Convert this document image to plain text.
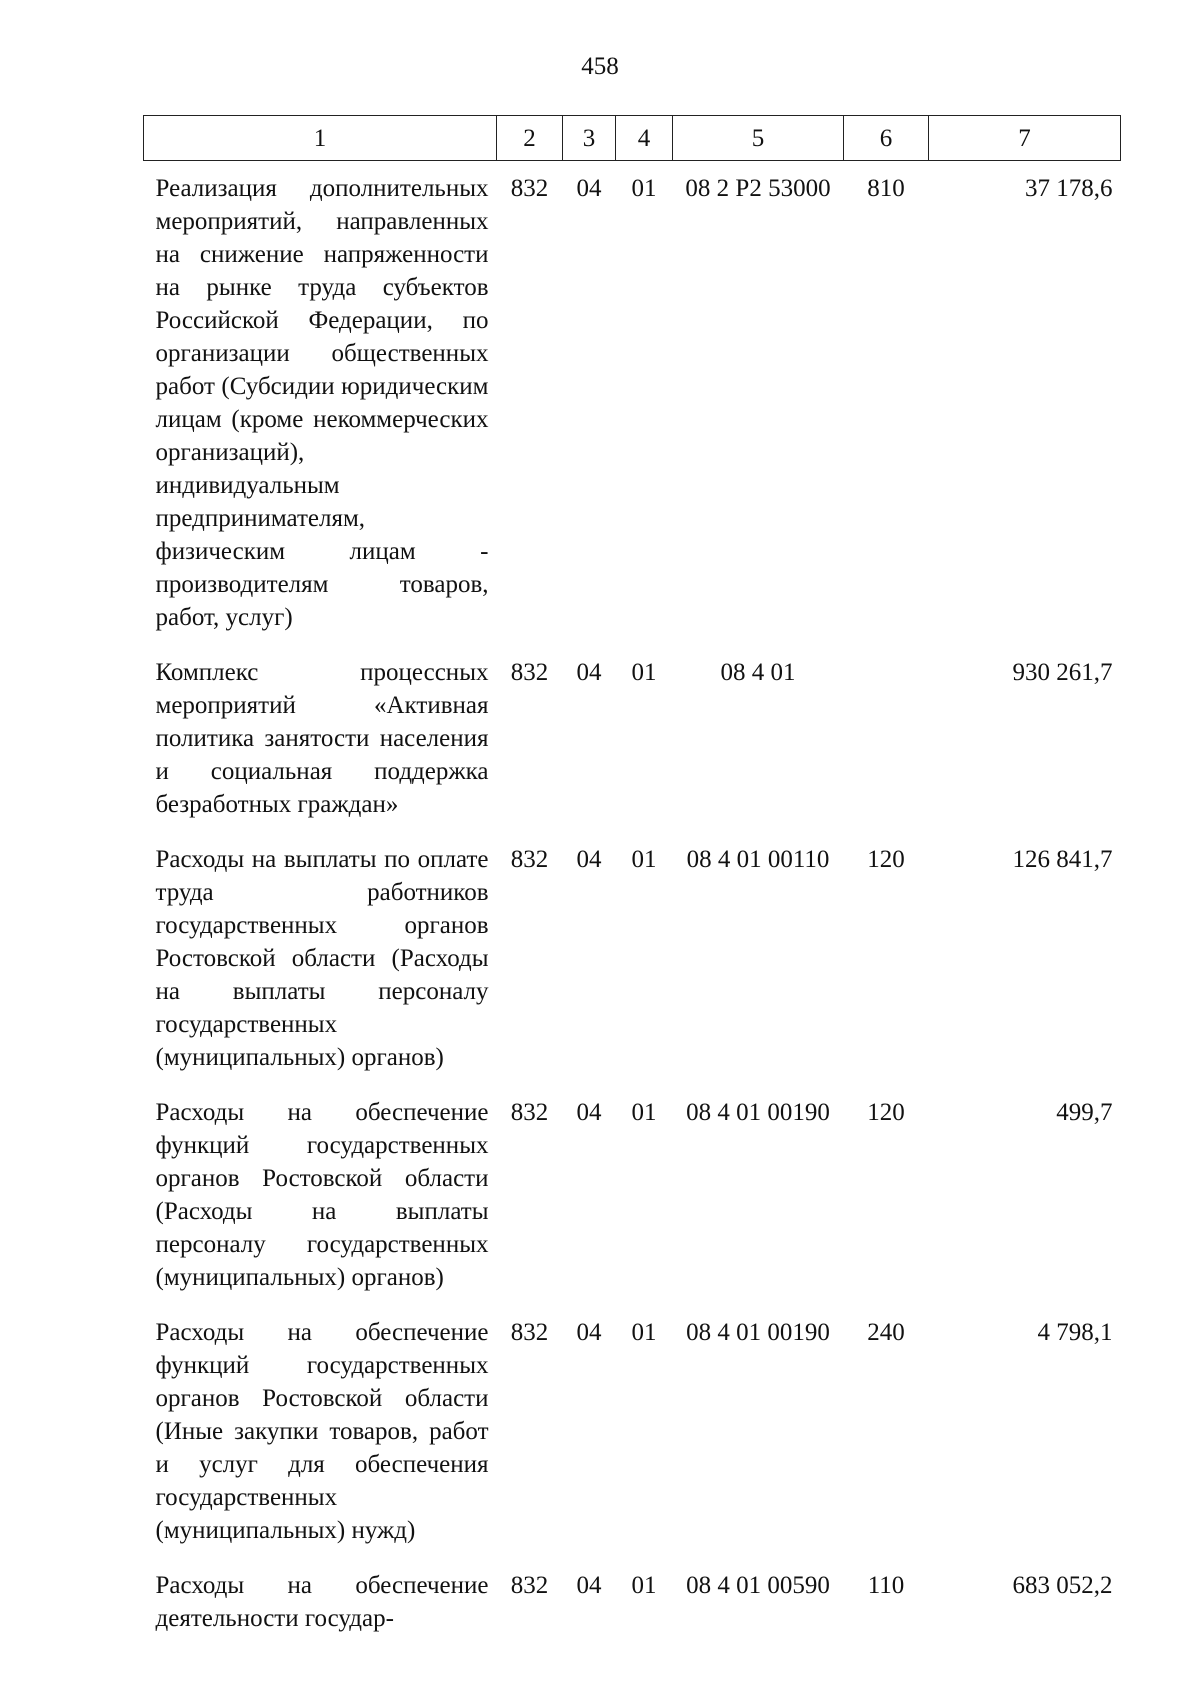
458
1	2	3	4	5	6	7
Реализация дополнительных мероприятий, направленных на снижение напряженности на рынке труда субъектов Российской Федерации, по организации общественных работ (Субсидии юридическим лицам (кроме некоммерческих организаций), индивидуальным предпринимателям, физическим лицам - производителям товаров, работ, услуг)	832	04	01	08 2 Р2 53000	810	37 178,6
Комплекс процессных мероприятий «Активная политика занятости населения и социальная поддержка безработных граждан»	832	04	01	08 4 01		930 261,7
Расходы на выплаты по оплате труда работников государственных органов Ростовской области (Расходы на выплаты персоналу государственных (муниципальных) органов)	832	04	01	08 4 01 00110	120	126 841,7
Расходы на обеспечение функций государственных органов Ростовской области (Расходы на выплаты персоналу государственных (муниципальных) органов)	832	04	01	08 4 01 00190	120	499,7
Расходы на обеспечение функций государственных органов Ростовской области (Иные закупки товаров, работ и услуг для обеспечения государственных (муниципальных) нужд)	832	04	01	08 4 01 00190	240	4 798,1
Расходы на обеспечение деятельности государ-	832	04	01	08 4 01 00590	110	683 052,2
